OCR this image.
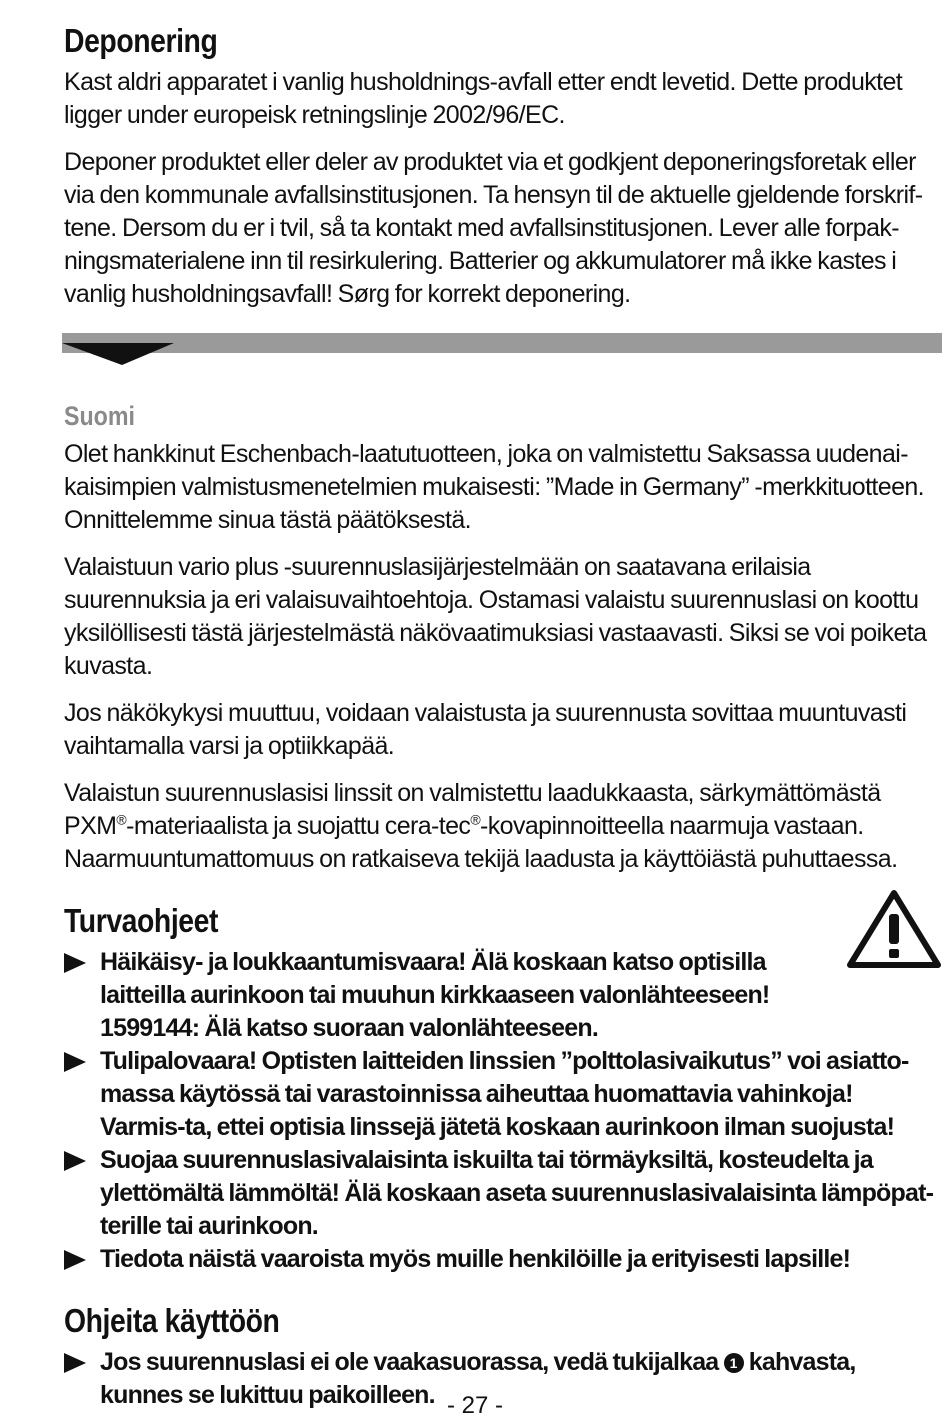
Deponering

Kast aldri apparatet i vanlig husholdnings-avfall etter endt levetid. Dette produktet ligger under europeisk retningslinje 2002/96/EC.

Deponer produktet eller deler av produktet via et godkjent deponeringsforetak eller via den kommunale avfallsinstitusjonen. Ta hensyn til de aktuelle gjeldende forskrif-tene. Dersom du er i tvil, så ta kontakt med avfallsinstitusjonen. Lever alle forpak-ningsmaterialene inn til resirkulering. Batterier og akkumulatorer må ikke kastes i vanlig husholdningsavfall! Sørg for korrekt deponering.

Suomi

Olet hankkinut Eschenbach-laatutuotteen, joka on valmistettu Saksassa uudenai-kaisimpien valmistusmenetelmien mukaisesti: ”Made in Germany” -merkkituotteen. Onnittelemme sinua tästä päätöksestä.

Valaistuun vario plus -suurennuslasijärjestelmään on saatavana erilaisia suurennuksia ja eri valaisuvaihtoehtoja. Ostamasi valaistu suurennuslasi on koottu yksilöllisesti tästä järjestelmästä näkövaatimuksiasi vastaavasti. Siksi se voi poiketa kuvasta.

Jos näkökykysi muuttuu, voidaan valaistusta ja suurennusta sovittaa muuntuvasti vaihtamalla varsi ja optiikkapää.

Valaistun suurennuslasisi linssit on valmistettu laadukkaasta, särkymättömästä PXM®-materiaalista ja suojattu cera-tec®-kovapinnoitteella naarmuja vastaan. Naarmuuntumattomuus on ratkaiseva tekijä laadusta ja käyttöiästä puhuttaessa.

Turvaohjeet
Häikäisy- ja loukkaantumisvaara! Älä koskaan katso optisilla laitteilla aurinkoon tai muuhun kirkkaaseen valonlähteeseen! 1599144: Älä katso suoraan valonlähteeseen.
Tulipalovaara! Optisten laitteiden linssien ”polttolasivaikutus” voi asiatto-massa käytössä tai varastoinnissa aiheuttaa huomattavia vahinkoja! Varmis-ta, ettei optisia linssejä jätetä koskaan aurinkoon ilman suojusta!
Suojaa suurennuslasivalaisinta iskuilta tai törmäyksiltä, kosteudelta ja ylettömältä lämmöltä! Älä koskaan aseta suurennuslasivalaisinta lämpöpat-terille tai aurinkoon.
Tiedota näistä vaaroista myös muille henkilöille ja erityisesti lapsille!
Ohjeita käyttöön
Jos suurennuslasi ei ole vaakasuorassa, vedä tukijalkaa 1 kahvasta, kunnes se lukittuu paikoilleen. - 27 -
